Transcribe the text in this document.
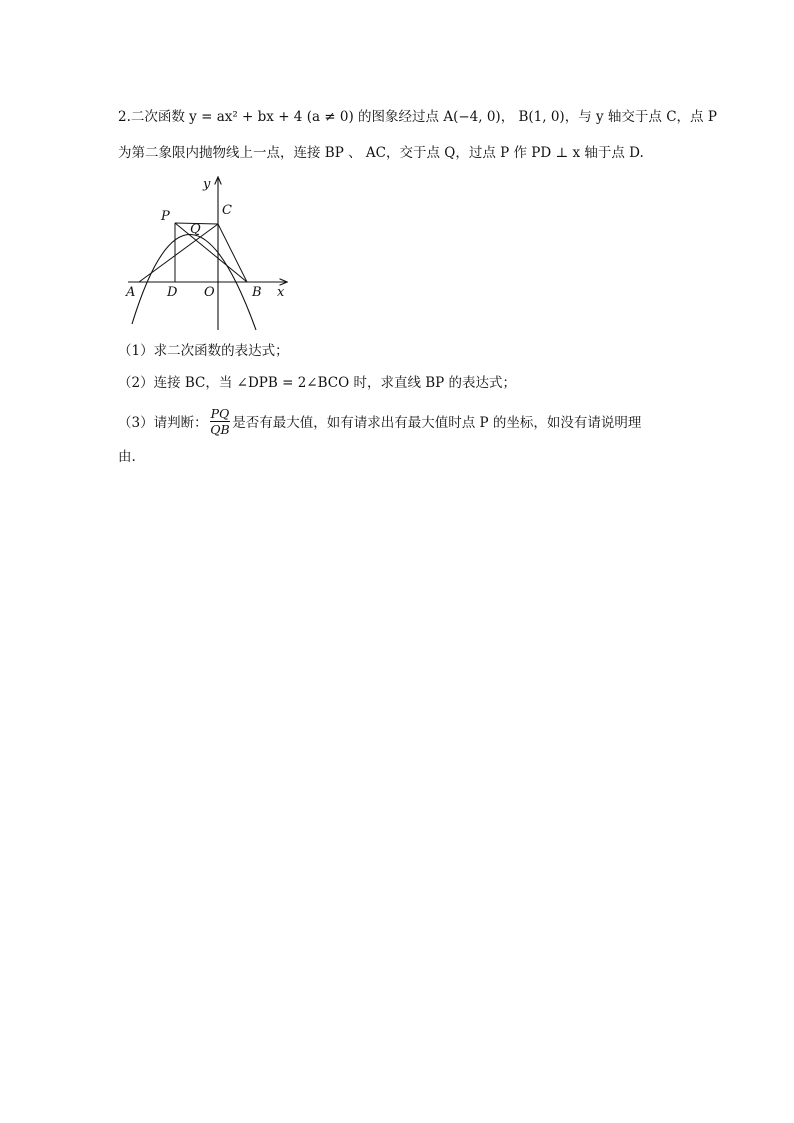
2.二次函数 y = ax² + bx + 4 (a ≠ 0) 的图象经过点 A(−4, 0)， B(1, 0)，与 y 轴交于点 C，点 P
为第二象限内抛物线上一点，连接 BP 、 AC，交于点 Q，过点 P 作 PD ⊥ x 轴于点 D.
y
x
A D O	B
P	C
Q
（1）求二次函数的表达式；
（2）连接 BC，当 ∠DPB = 2∠BCO 时，求直线 BP 的表达式；
（3）请判断： $\frac{PQ}{QB}$ 是否有最大值，如有请求出有最大值时点 P 的坐标，如没有请说明理
由.
